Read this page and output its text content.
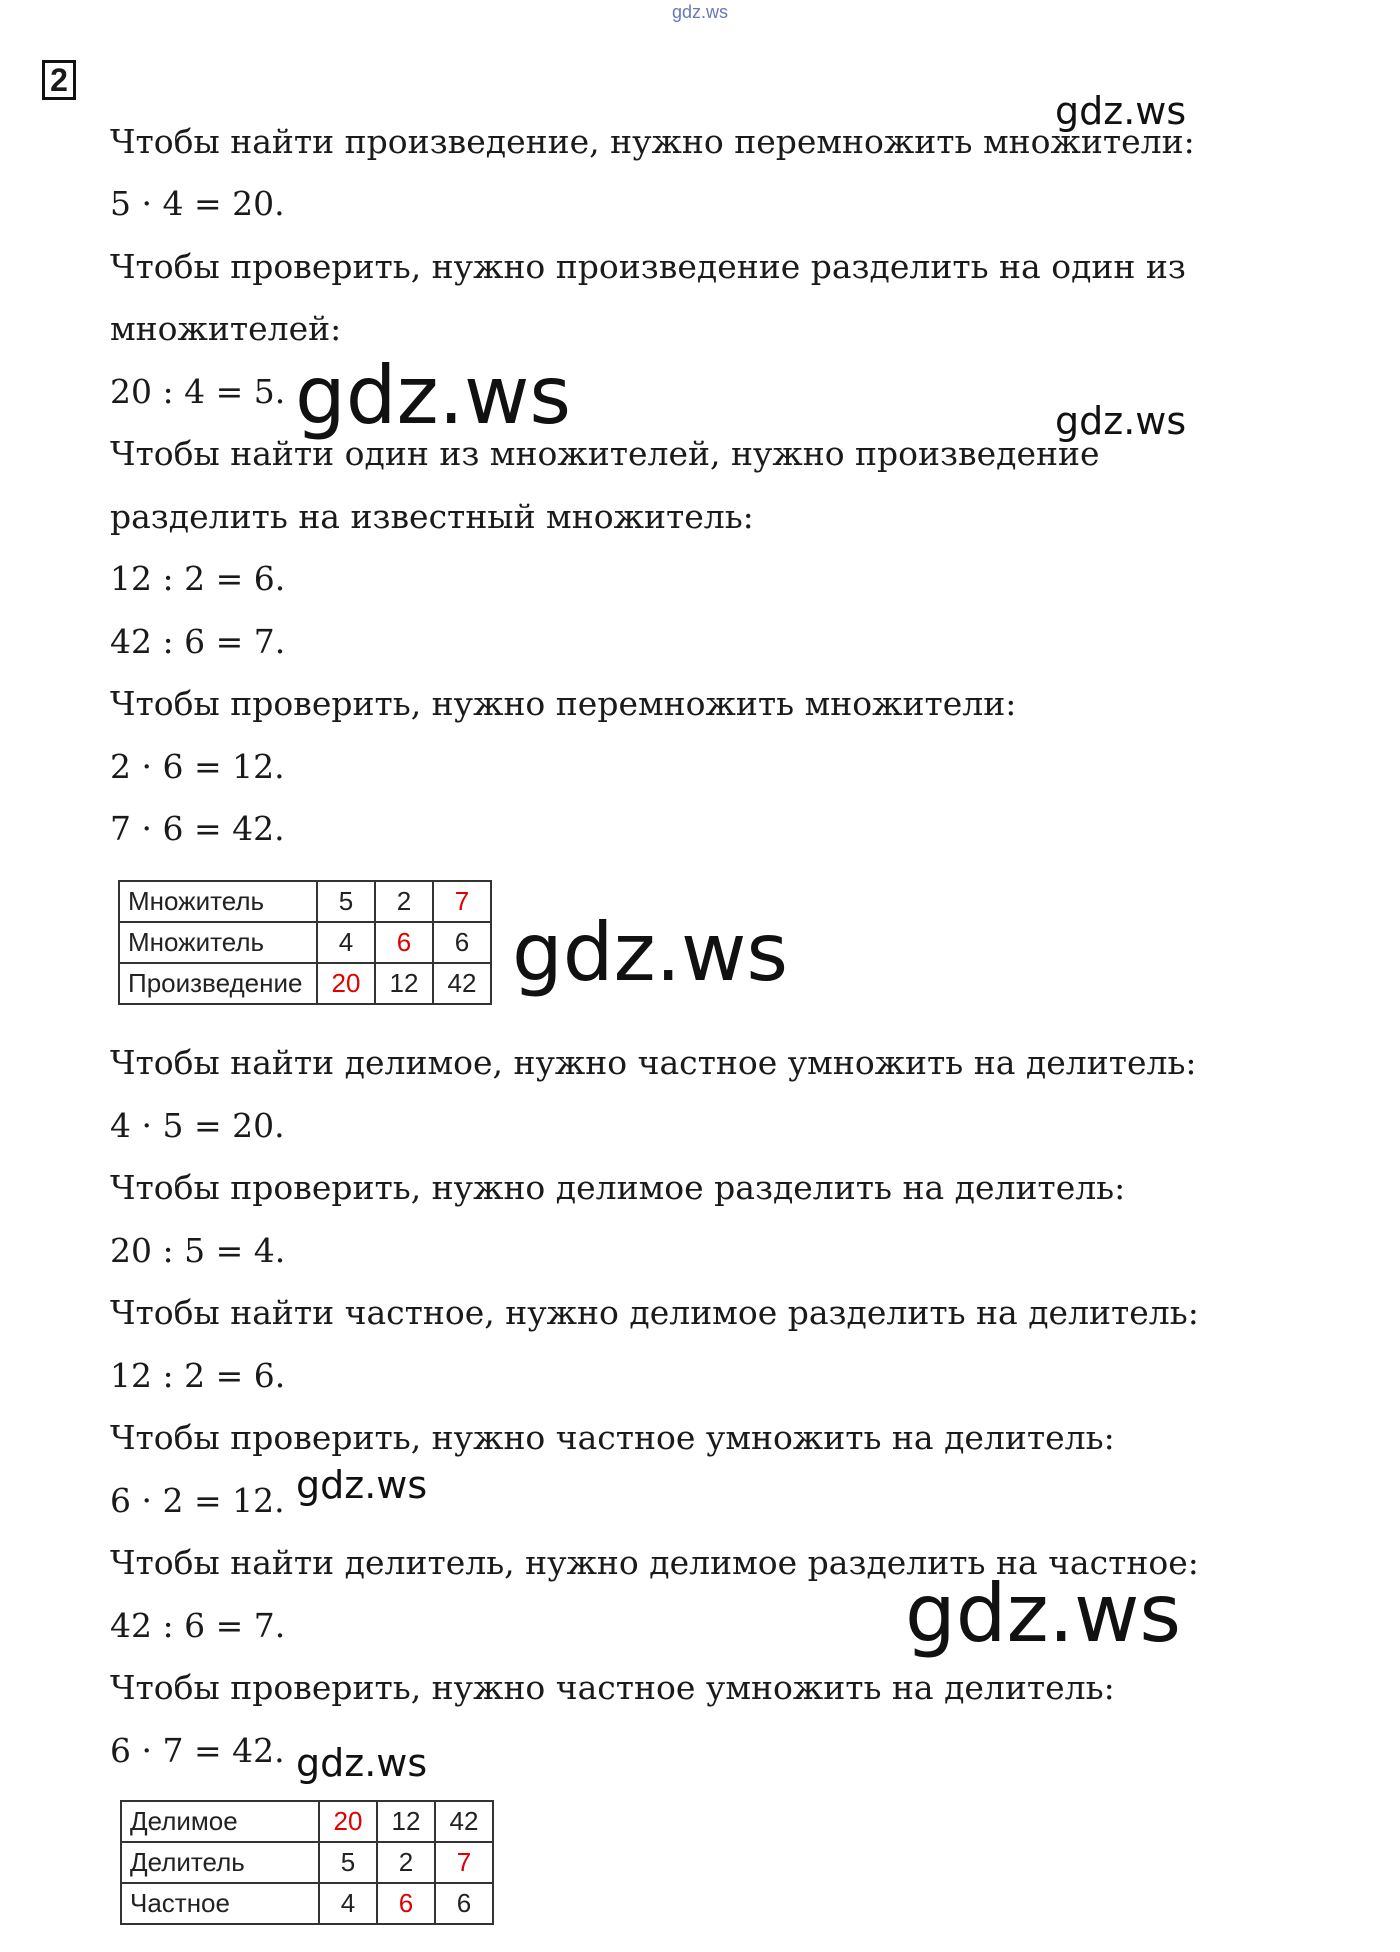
gdz.ws
2
Чтобы найти произведение, нужно перемножить множители:
5 · 4 = 20.
Чтобы проверить, нужно произведение разделить на один из
множителей:
20 : 4 = 5.
Чтобы найти один из множителей, нужно произведение
разделить на известный множитель:
12 : 2 = 6.
42 : 6 = 7.
Чтобы проверить, нужно перемножить множители:
2 · 6 = 12.
7 · 6 = 42.
Множитель	5	2	7
Множитель	4	6	6
Произведение	20	12	42
Чтобы найти делимое, нужно частное умножить на делитель:
4 · 5 = 20.
Чтобы проверить, нужно делимое разделить на делитель:
20 : 5 = 4.
Чтобы найти частное, нужно делимое разделить на делитель:
12 : 2 = 6.
Чтобы проверить, нужно частное умножить на делитель:
6 · 2 = 12.
Чтобы найти делитель, нужно делимое разделить на частное:
42 : 6 = 7.
Чтобы проверить, нужно частное умножить на делитель:
6 · 7 = 42.
Делимое	20	12	42
Делитель	5	2	7
Частное	4	6	6
gdz.ws
gdz.ws	gdz.ws
gdz.ws
gdz.ws
gdz.ws
gdz.ws
